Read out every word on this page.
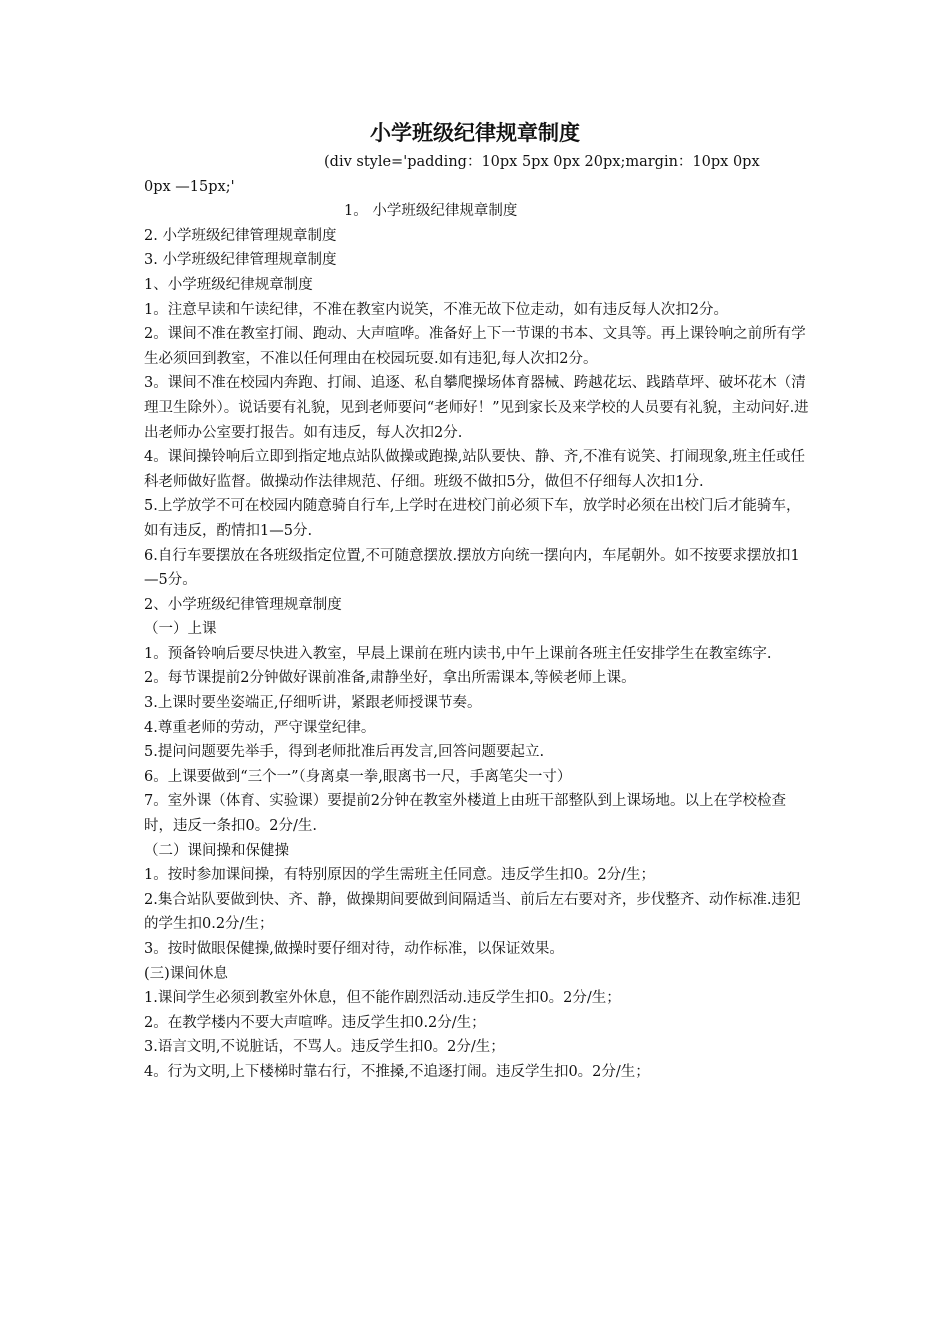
小学班级纪律规章制度

(div style='padding：10px 5px 0px 20px;margin：10px 0px

0px —15px;'

1。 小学班级纪律规章制度

2. 小学班级纪律管理规章制度

3. 小学班级纪律管理规章制度

1、小学班级纪律规章制度

1。注意早读和午读纪律，不准在教室内说笑，不准无故下位走动，如有违反每人次扣2分。

2。课间不准在教室打闹、跑动、大声喧哗。准备好上下一节课的书本、文具等。再上课铃响之前所有学生必须回到教室，不准以任何理由在校园玩耍.如有违犯,每人次扣2分。

3。课间不准在校园内奔跑、打闹、追逐、私自攀爬操场体育器械、跨越花坛、践踏草坪、破坏花木（清理卫生除外）。说话要有礼貌，见到老师要问“老师好！”见到家长及来学校的人员要有礼貌，主动问好.进出老师办公室要打报告。如有违反，每人次扣2分.

4。课间操铃响后立即到指定地点站队做操或跑操,站队要快、静、齐,不准有说笑、打闹现象,班主任或任科老师做好监督。做操动作法律规范、仔细。班级不做扣5分，做但不仔细每人次扣1分.

5.上学放学不可在校园内随意骑自行车,上学时在进校门前必须下车，放学时必须在出校门后才能骑车，如有违反，酌情扣1—5分.

6.自行车要摆放在各班级指定位置,不可随意摆放.摆放方向统一摆向内，车尾朝外。如不按要求摆放扣1—5分。

2、小学班级纪律管理规章制度

（一）上课

1。预备铃响后要尽快进入教室，早晨上课前在班内读书,中午上课前各班主任安排学生在教室练字.

2。每节课提前2分钟做好课前准备,肃静坐好，拿出所需课本,等候老师上课。

3.上课时要坐姿端正,仔细听讲，紧跟老师授课节奏。

4.尊重老师的劳动，严守课堂纪律。

5.提问问题要先举手，得到老师批准后再发言,回答问题要起立.

6。上课要做到“三个一”（身离桌一拳,眼离书一尺，手离笔尖一寸）

7。室外课（体育、实验课）要提前2分钟在教室外楼道上由班干部整队到上课场地。以上在学校检查时，违反一条扣0。2分/生.

（二）课间操和保健操

1。按时参加课间操，有特别原因的学生需班主任同意。违反学生扣0。2分/生；

2.集合站队要做到快、齐、静，做操期间要做到间隔适当、前后左右要对齐，步伐整齐、动作标准.违犯的学生扣0.2分/生；

3。按时做眼保健操,做操时要仔细对待，动作标准，以保证效果。

(三)课间休息

1.课间学生必须到教室外休息，但不能作剧烈活动.违反学生扣0。2分/生；

2。在教学楼内不要大声喧哗。违反学生扣0.2分/生；

3.语言文明,不说脏话，不骂人。违反学生扣0。2分/生；

4。行为文明,上下楼梯时靠右行，不推搡,不追逐打闹。违反学生扣0。2分/生；
